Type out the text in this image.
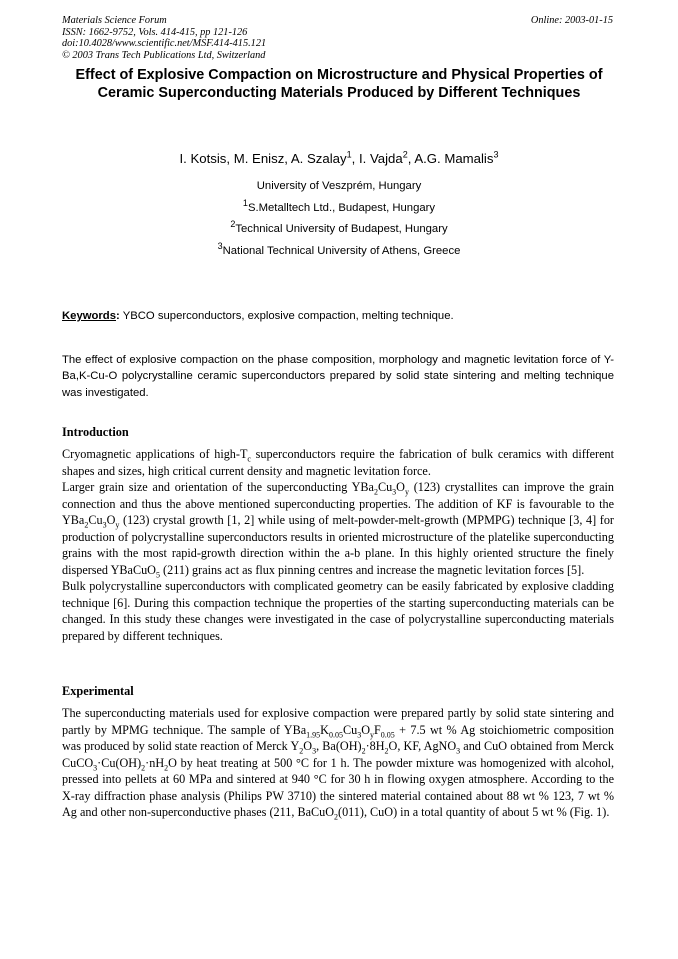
Materials Science Forum
ISSN: 1662-9752, Vols. 414-415, pp 121-126
doi:10.4028/www.scientific.net/MSF.414-415.121
© 2003 Trans Tech Publications Ltd, Switzerland
Online: 2003-01-15
Effect of Explosive Compaction on Microstructure and Physical Properties of Ceramic Superconducting Materials Produced by Different Techniques
I. Kotsis, M. Enisz, A. Szalay$^1$, I. Vajda$^2$, A.G. Mamalis$^3$
University of Veszprém, Hungary
$^1$S.Metalltech Ltd., Budapest, Hungary
$^2$Technical University of Budapest, Hungary
$^3$National Technical University of Athens, Greece
Keywords: YBCO superconductors, explosive compaction, melting technique.
The effect of explosive compaction on the phase composition, morphology and magnetic levitation force of Y-Ba,K-Cu-O polycrystalline ceramic superconductors prepared by solid state sintering and melting technique was investigated.
Introduction

Cryomagnetic applications of high-$T_c$ superconductors require the fabrication of bulk ceramics with different shapes and sizes, high critical current density and magnetic levitation force.

Larger grain size and orientation of the superconducting $YBa_2Cu_3O_y$ (123) crystallites can improve the grain connection and thus the above mentioned superconducting properties. The addition of KF is favourable to the $YBa_2Cu_3O_y$ (123) crystal growth [1, 2] while using of melt-powder-melt-growth (MPMPG) technique [3, 4] for production of polycrystalline superconductors results in oriented microstructure of the platelike superconducting grains with the most rapid-growth direction within the a-b plane. In this highly oriented structure the finely dispersed YBaCuO$_5$ (211) grains act as flux pinning centres and increase the magnetic levitation forces [5].

Bulk polycrystalline superconductors with complicated geometry can be easily fabricated by explosive cladding technique [6]. During this compaction technique the properties of the starting superconducting materials can be changed. In this study these changes were investigated in the case of polycrystalline superconducting materials prepared by different techniques.

Experimental

The superconducting materials used for explosive compaction were prepared partly by solid state sintering and partly by MPMG technique. The sample of $YBa_{1.95}K_{0.05}Cu_3O_yF_{0.05} + 7.5$ wt % Ag stoichiometric composition was produced by solid state reaction of Merck $Y_2O_3$, $Ba(OH)_2\cdot 8H_2O$, KF, AgNO$_3$ and CuO obtained from Merck $CuCO_3\cdot Cu(OH)_2\cdot nH_2O$ by heat treating at 500 °C for 1 h. The powder mixture was homogenized with alcohol, pressed into pellets at 60 MPa and sintered at 940 °C for 30 h in flowing oxygen atmosphere. According to the X-ray diffraction phase analysis (Philips PW 3710) the sintered material contained about 88 wt % 123, 7 wt % Ag and other non-superconductive phases (211, BaCuO$_2$(011), CuO) in a total quantity of about 5 wt % (Fig. 1).
